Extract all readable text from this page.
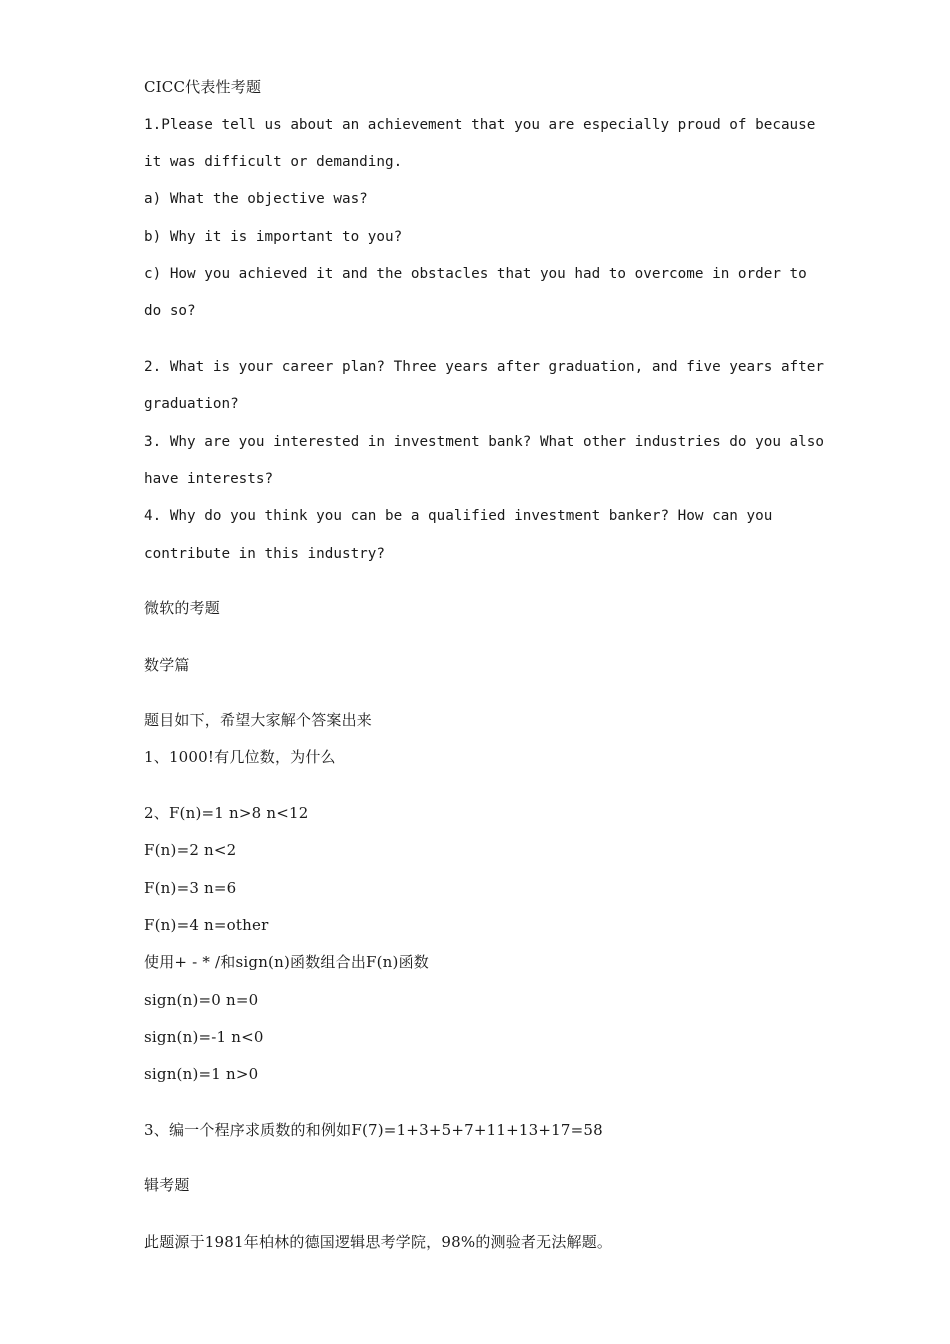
CICC代表性考题
1.Please tell us about an achievement that you are especially proud of because
it was difficult or demanding.
a) What the objective was?
b) Why it is important to you?
c) How you achieved it and the obstacles that you had to overcome in order to
do so?
2. What is your career plan? Three years after graduation, and five years after
graduation?
3. Why are you interested in investment bank? What other industries do you also
have interests?
4. Why do you think you can be a qualified investment banker? How can you
contribute in this industry?
微软的考题
数学篇
题目如下，希望大家解个答案出来
1、1000!有几位数，为什么
2、F(n)=1 n>8 n<12
F(n)=2 n<2
F(n)=3 n=6
F(n)=4 n=other
使用+ - * /和sign(n)函数组合出F(n)函数
sign(n)=0 n=0
sign(n)=-1 n<0
sign(n)=1 n>0
3、编一个程序求质数的和例如F(7)=1+3+5+7+11+13+17=58
辑考题
此题源于1981年柏林的德国逻辑思考学院，98%的测验者无法解题。
